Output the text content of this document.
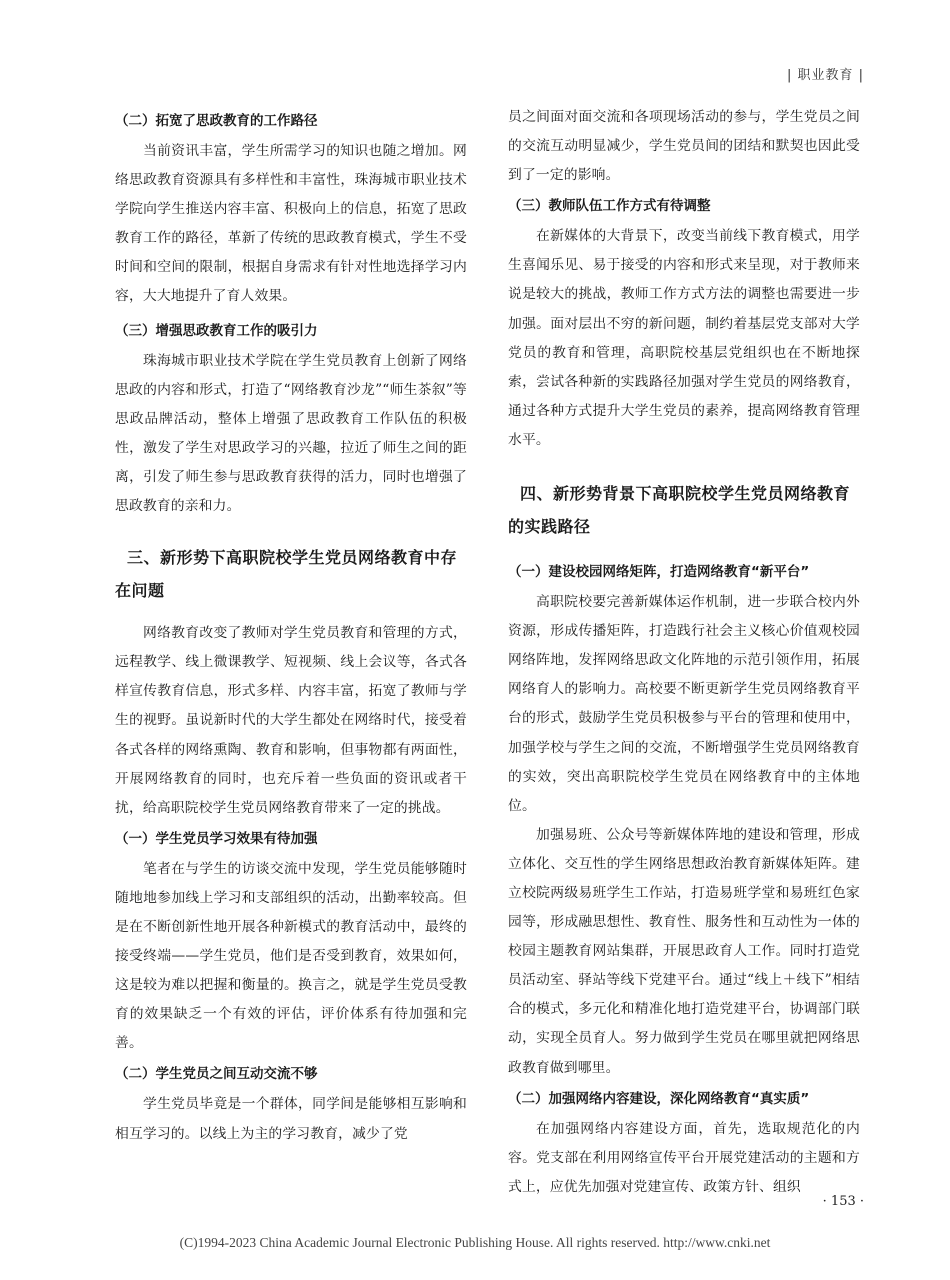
| 职业教育 |

（二）拓宽了思政教育的工作路径

当前资讯丰富，学生所需学习的知识也随之增加。网络思政教育资源具有多样性和丰富性，珠海城市职业技术学院向学生推送内容丰富、积极向上的信息，拓宽了思政教育工作的路径，革新了传统的思政教育模式，学生不受时间和空间的限制，根据自身需求有针对性地选择学习内容，大大地提升了育人效果。

（三）增强思政教育工作的吸引力

珠海城市职业技术学院在学生党员教育上创新了网络思政的内容和形式，打造了“网络教育沙龙”“师生茶叙”等思政品牌活动，整体上增强了思政教育工作队伍的积极性，激发了学生对思政学习的兴趣，拉近了师生之间的距离，引发了师生参与思政教育获得的活力，同时也增强了思政教育的亲和力。

三、新形势下高职院校学生党员网络教育中存在问题

网络教育改变了教师对学生党员教育和管理的方式，远程教学、线上微课教学、短视频、线上会议等，各式各样宣传教育信息，形式多样、内容丰富，拓宽了教师与学生的视野。虽说新时代的大学生都处在网络时代，接受着各式各样的网络熏陶、教育和影响，但事物都有两面性，开展网络教育的同时，也充斥着一些负面的资讯或者干扰，给高职院校学生党员网络教育带来了一定的挑战。

（一）学生党员学习效果有待加强

笔者在与学生的访谈交流中发现，学生党员能够随时随地地参加线上学习和支部组织的活动，出勤率较高。但是在不断创新性地开展各种新模式的教育活动中，最终的接受终端——学生党员，他们是否受到教育，效果如何，这是较为难以把握和衡量的。换言之，就是学生党员受教育的效果缺乏一个有效的评估，评价体系有待加强和完善。

（二）学生党员之间互动交流不够

学生党员毕竟是一个群体，同学间是能够相互影响和相互学习的。以线上为主的学习教育，减少了党

员之间面对面交流和各项现场活动的参与，学生党员之间的交流互动明显减少，学生党员间的团结和默契也因此受到了一定的影响。

（三）教师队伍工作方式有待调整

在新媒体的大背景下，改变当前线下教育模式，用学生喜闻乐见、易于接受的内容和形式来呈现，对于教师来说是较大的挑战，教师工作方式方法的调整也需要进一步加强。面对层出不穷的新问题，制约着基层党支部对大学党员的教育和管理，高职院校基层党组织也在不断地探索，尝试各种新的实践路径加强对学生党员的网络教育，通过各种方式提升大学生党员的素养，提高网络教育管理水平。

四、新形势背景下高职院校学生党员网络教育的实践路径

（一）建设校园网络矩阵，打造网络教育“新平台”

高职院校要完善新媒体运作机制，进一步联合校内外资源，形成传播矩阵，打造践行社会主义核心价值观校园网络阵地，发挥网络思政文化阵地的示范引领作用，拓展网络育人的影响力。高校要不断更新学生党员网络教育平台的形式，鼓励学生党员积极参与平台的管理和使用中，加强学校与学生之间的交流，不断增强学生党员网络教育的实效，突出高职院校学生党员在网络教育中的主体地位。

加强易班、公众号等新媒体阵地的建设和管理，形成立体化、交互性的学生网络思想政治教育新媒体矩阵。建立校院两级易班学生工作站，打造易班学堂和易班红色家园等，形成融思想性、教育性、服务性和互动性为一体的校园主题教育网站集群，开展思政育人工作。同时打造党员活动室、驿站等线下党建平台。通过“线上＋线下”相结合的模式，多元化和精准化地打造党建平台，协调部门联动，实现全员育人。努力做到学生党员在哪里就把网络思政教育做到哪里。

（二）加强网络内容建设，深化网络教育“真实质”

在加强网络内容建设方面，首先，选取规范化的内容。党支部在利用网络宣传平台开展党建活动的主题和方式上，应优先加强对党建宣传、政策方针、组织

· 153 ·
(C)1994-2023 China Academic Journal Electronic Publishing House. All rights reserved. http://www.cnki.net
